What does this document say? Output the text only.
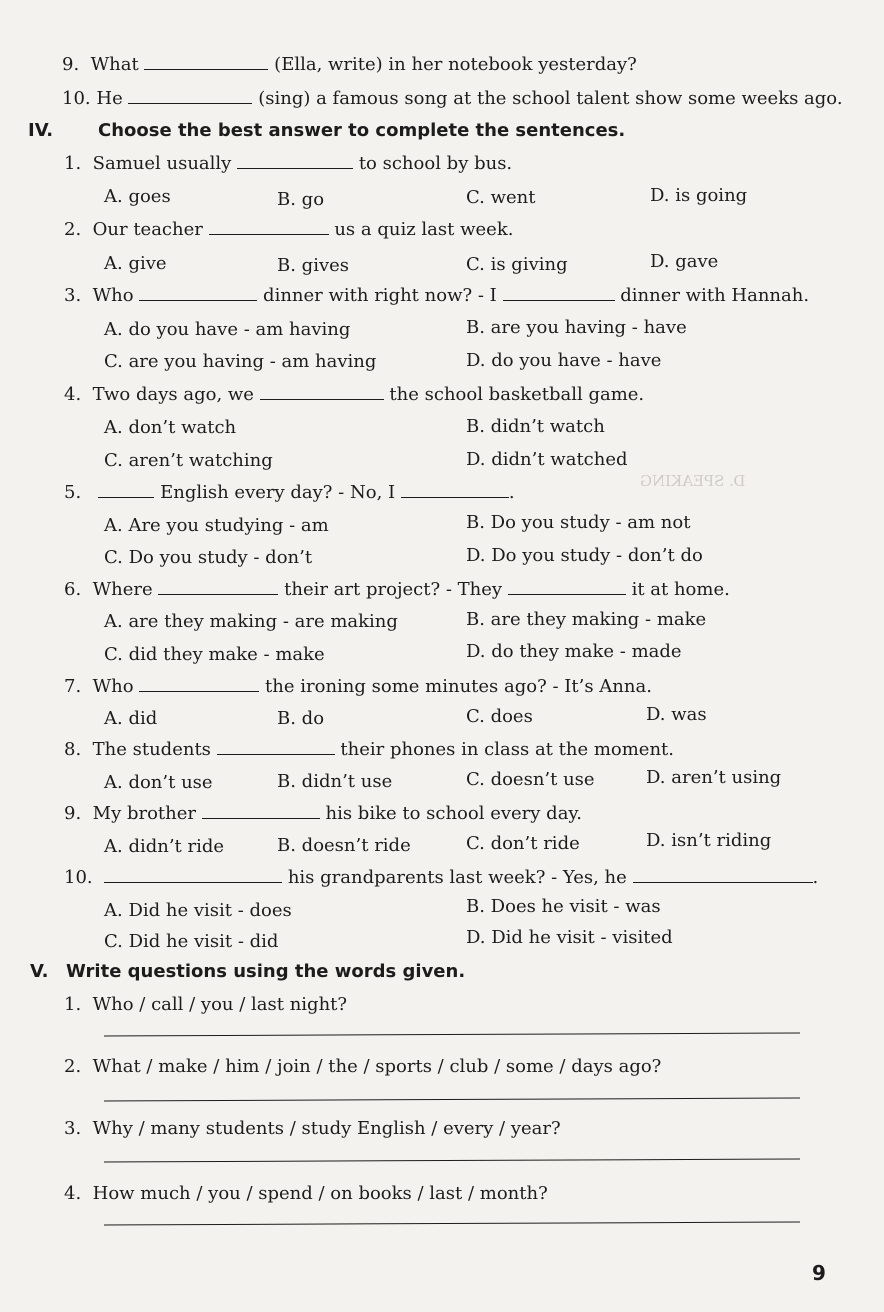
D. SPEAKING
9. What	(Ella, write) in her notebook yesterday?
10. He	(sing) a famous song at the school talent show some weeks ago.
IV. Choose the best answer to complete the sentences.
1. Samuel usually	to school by bus.
A. goes	B. go	C. went	D. is going
2. Our teacher	us a quiz last week.
A. give	B. gives	C. is giving	D. gave
3. Who	dinner with right now? - I	dinner with Hannah.
A. do you have - am having	B. are you having - have
C. are you having - am having	D. do you have - have
4. Two days ago, we	the school basketball game.
A. don’t watch	B. didn’t watch
C. aren’t watching	D. didn’t watched
5.	English every day? - No, I	.
A. Are you studying - am	B. Do you study - am not
C. Do you study - don’t	D. Do you study - don’t do
6. Where	their art project? - They	it at home.
A. are they making - are making	B. are they making - make
C. did they make - make	D. do they make - made
7. Who	the ironing some minutes ago? - It’s Anna.
A. did	B. do	C. does	D. was
8. The students	their phones in class at the moment.
A. don’t use	B. didn’t use	C. doesn’t use	D. aren’t using
9. My brother	his bike to school every day.
A. didn’t ride	B. doesn’t ride	C. don’t ride	D. isn’t riding
10.	his grandparents last week? - Yes, he	.
A. Did he visit - does	B. Does he visit - was
C. Did he visit - did	D. Did he visit - visited
V. Write questions using the words given.
1. Who / call / you / last night?
2. What / make / him / join / the / sports / club / some / days ago?
3. Why / many students / study English / every / year?
4. How much / you / spend / on books / last / month?
9
